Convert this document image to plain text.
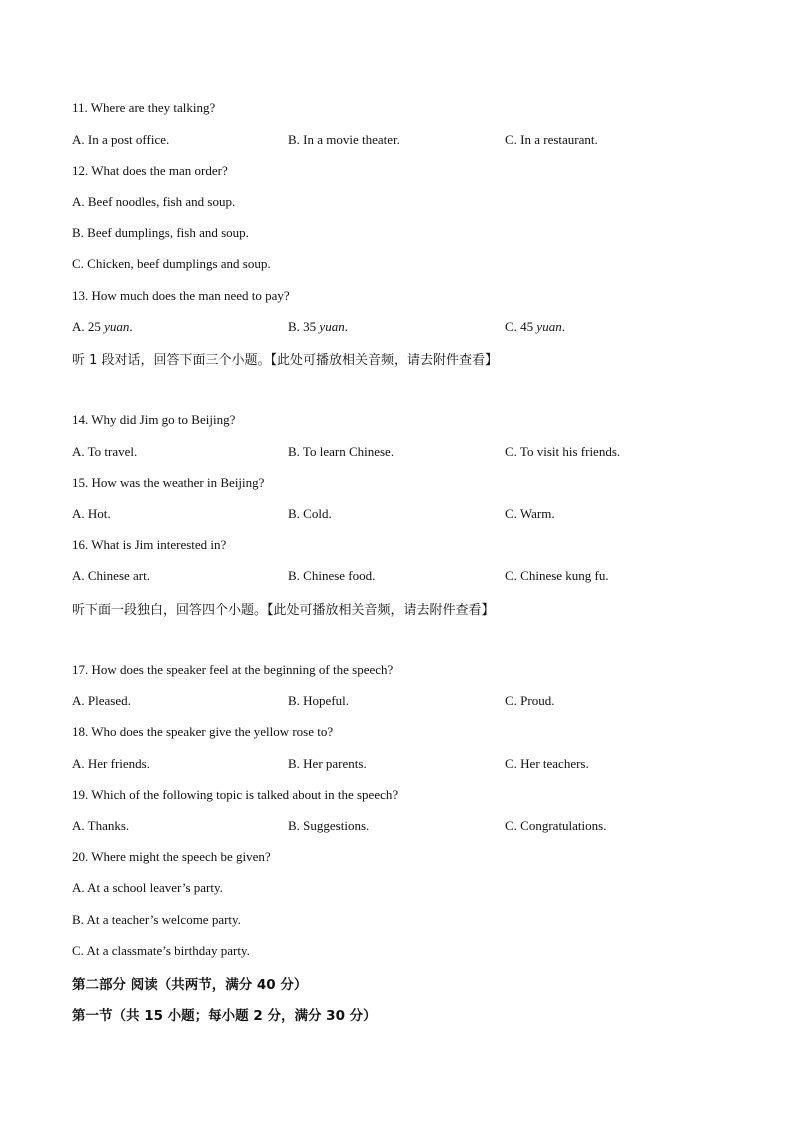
11. Where are they talking?
A. In a post office.	B. In a movie theater.	C. In a restaurant.
12. What does the man order?
A. Beef noodles, fish and soup.
B. Beef dumplings, fish and soup.
C. Chicken, beef dumplings and soup.
13. How much does the man need to pay?
A. 25 yuan.	B. 35 yuan.	C. 45 yuan.
听 1 段对话，回答下面三个小题。【此处可播放相关音频，请去附件查看】
14. Why did Jim go to Beijing?
A. To travel.	B. To learn Chinese.	C. To visit his friends.
15. How was the weather in Beijing?
A. Hot.	B. Cold.	C. Warm.
16. What is Jim interested in?
A. Chinese art.	B. Chinese food.	C. Chinese kung fu.
听下面一段独白，回答四个小题。【此处可播放相关音频，请去附件查看】
17. How does the speaker feel at the beginning of the speech?
A. Pleased.	B. Hopeful.	C. Proud.
18. Who does the speaker give the yellow rose to?
A. Her friends.	B. Her parents.	C. Her teachers.
19. Which of the following topic is talked about in the speech?
A. Thanks.	B. Suggestions.	C. Congratulations.
20. Where might the speech be given?
A. At a school leaver’s party.
B. At a teacher’s welcome party.
C. At a classmate’s birthday party.
第二部分 阅读（共两节，满分 40 分）
第一节（共 15 小题；每小题 2 分，满分 30 分）
